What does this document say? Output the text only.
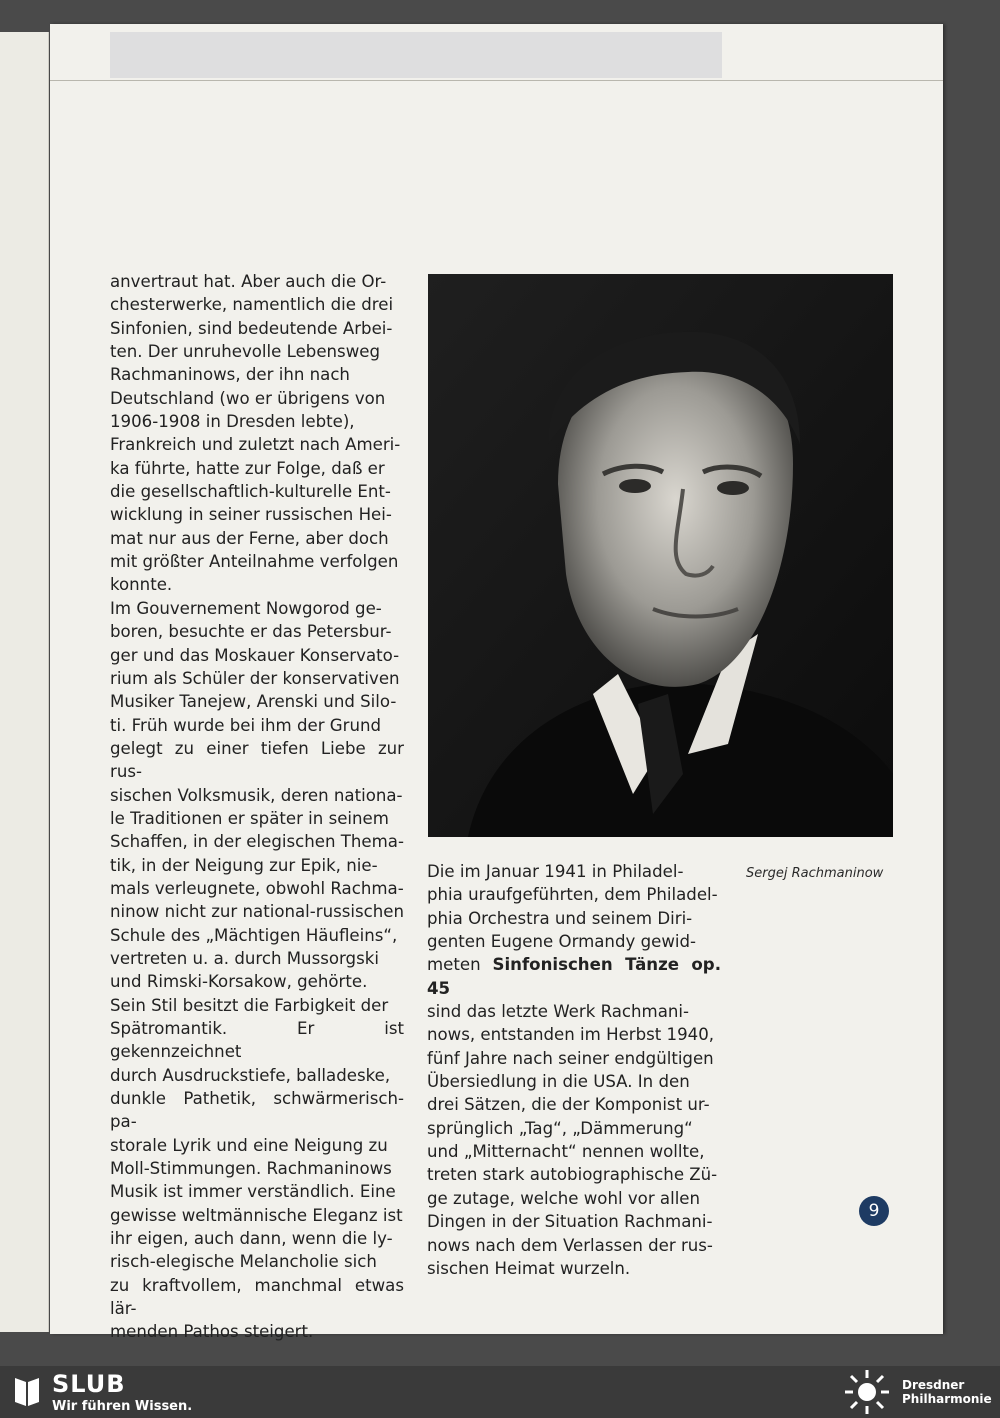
anvertraut hat. Aber auch die Or-

chesterwerke, namentlich die drei

Sinfonien, sind bedeutende Arbei-

ten. Der unruhevolle Lebensweg

Rachmaninows, der ihn nach

Deutschland (wo er übrigens von

1906-1908 in Dresden lebte),

Frankreich und zuletzt nach Ameri-

ka führte, hatte zur Folge, daß er

die gesellschaftlich-kulturelle Ent-

wicklung in seiner russischen Hei-

mat nur aus der Ferne, aber doch

mit größter Anteilnahme verfolgen

konnte.

Im Gouvernement Nowgorod ge-

boren, besuchte er das Petersbur-

ger und das Moskauer Konservato-

rium als Schüler der konservativen

Musiker Tanejew, Arenski und Silo-

ti. Früh wurde bei ihm der Grund

gelegt zu einer tiefen Liebe zur rus-

sischen Volksmusik, deren nationa-

le Traditionen er später in seinem

Schaffen, in der elegischen Thema-

tik, in der Neigung zur Epik, nie-

mals verleugnete, obwohl Rachma-

ninow nicht zur national-russischen

Schule des „Mächtigen Häufleins“,

vertreten u. a. durch Mussorgski

und Rimski-Korsakow, gehörte.

Sein Stil besitzt die Farbigkeit der

Spätromantik. Er ist gekennzeichnet

durch Ausdruckstiefe, balladeske,

dunkle Pathetik, schwärmerisch-pa-

storale Lyrik und eine Neigung zu

Moll-Stimmungen. Rachmaninows

Musik ist immer verständlich. Eine

gewisse weltmännische Eleganz ist

ihr eigen, auch dann, wenn die ly-

risch-elegische Melancholie sich

zu kraftvollem, manchmal etwas lär-

menden Pathos steigert.

Sergej Rachmaninow

Die im Januar 1941 in Philadel-

phia uraufgeführten, dem Philadel-

phia Orchestra und seinem Diri-

genten Eugene Ormandy gewid-

meten Sinfonischen Tänze op. 45

sind das letzte Werk Rachmani-

nows, entstanden im Herbst 1940,

fünf Jahre nach seiner endgültigen

Übersiedlung in die USA. In den

drei Sätzen, die der Komponist ur-

sprünglich „Tag“, „Dämmerung“

und „Mitternacht“ nennen wollte,

treten stark autobiographische Zü-

ge zutage, welche wohl vor allen

Dingen in der Situation Rachmani-

nows nach dem Verlassen der rus-

sischen Heimat wurzeln.

9
SLUB
Wir führen Wissen.
Dresdner
Philharmonie
